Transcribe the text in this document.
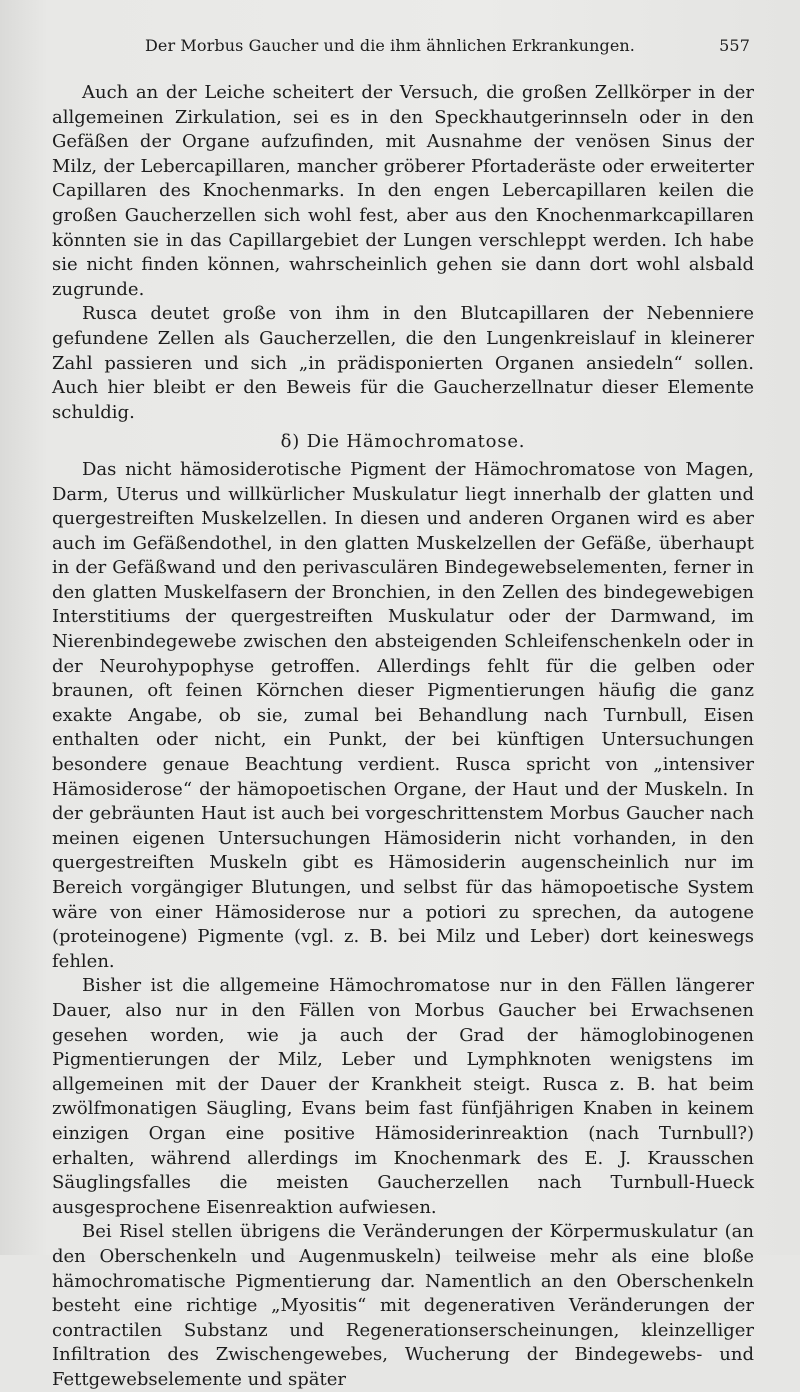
Der Morbus Gaucher und die ihm ähnlichen Erkrankungen.	557

Auch an der Leiche scheitert der Versuch, die großen Zellkörper in der allgemeinen Zirkulation, sei es in den Speckhautgerinnseln oder in den Gefäßen der Organe aufzufinden, mit Ausnahme der venösen Sinus der Milz, der Lebercapillaren, mancher gröberer Pfortaderäste oder erweiterter Capillaren des Knochenmarks. In den engen Lebercapillaren keilen die großen Gaucherzellen sich wohl fest, aber aus den Knochenmarkcapillaren könnten sie in das Capillargebiet der Lungen verschleppt werden. Ich habe sie nicht finden können, wahrscheinlich gehen sie dann dort wohl alsbald zugrunde.

Rusca deutet große von ihm in den Blutcapillaren der Nebenniere gefundene Zellen als Gaucherzellen, die den Lungenkreislauf in kleinerer Zahl passieren und sich „in prädisponierten Organen ansiedeln“ sollen. Auch hier bleibt er den Beweis für die Gaucherzellnatur dieser Elemente schuldig.

δ) Die Hämochromatose.

Das nicht hämosiderotische Pigment der Hämochromatose von Magen, Darm, Uterus und willkürlicher Muskulatur liegt innerhalb der glatten und quergestreiften Muskelzellen. In diesen und anderen Organen wird es aber auch im Gefäßendothel, in den glatten Muskelzellen der Gefäße, überhaupt in der Gefäßwand und den perivasculären Bindegewebselementen, ferner in den glatten Muskelfasern der Bronchien, in den Zellen des bindegewebigen Interstitiums der quergestreiften Muskulatur oder der Darmwand, im Nierenbindegewebe zwischen den absteigenden Schleifenschenkeln oder in der Neurohypophyse getroffen. Allerdings fehlt für die gelben oder braunen, oft feinen Körnchen dieser Pigmentierungen häufig die ganz exakte Angabe, ob sie, zumal bei Behandlung nach Turnbull, Eisen enthalten oder nicht, ein Punkt, der bei künftigen Untersuchungen besondere genaue Beachtung verdient. Rusca spricht von „intensiver Hämosiderose“ der hämopoetischen Organe, der Haut und der Muskeln. In der gebräunten Haut ist auch bei vorgeschrittenstem Morbus Gaucher nach meinen eigenen Untersuchungen Hämosiderin nicht vorhanden, in den quergestreiften Muskeln gibt es Hämosiderin augenscheinlich nur im Bereich vorgängiger Blutungen, und selbst für das hämopoetische System wäre von einer Hämosiderose nur a potiori zu sprechen, da autogene (proteinogene) Pigmente (vgl. z. B. bei Milz und Leber) dort keineswegs fehlen.

Bisher ist die allgemeine Hämochromatose nur in den Fällen längerer Dauer, also nur in den Fällen von Morbus Gaucher bei Erwachsenen gesehen worden, wie ja auch der Grad der hämoglobinogenen Pigmentierungen der Milz, Leber und Lymphknoten wenigstens im allgemeinen mit der Dauer der Krankheit steigt. Rusca z. B. hat beim zwölfmonatigen Säugling, Evans beim fast fünfjährigen Knaben in keinem einzigen Organ eine positive Hämosiderinreaktion (nach Turnbull?) erhalten, während allerdings im Knochenmark des E. J. Krausschen Säuglingsfalles die meisten Gaucherzellen nach Turnbull-Hueck ausgesprochene Eisenreaktion aufwiesen.

Bei Risel stellen übrigens die Veränderungen der Körpermuskulatur (an den Oberschenkeln und Augenmuskeln) teilweise mehr als eine bloße hämochromatische Pigmentierung dar. Namentlich an den Oberschenkeln besteht eine richtige „Myositis“ mit degenerativen Veränderungen der contractilen Substanz und Regenerationserscheinungen, kleinzelliger Infiltration des Zwischengewebes, Wucherung der Bindegewebs- und Fettgewebselemente und später
